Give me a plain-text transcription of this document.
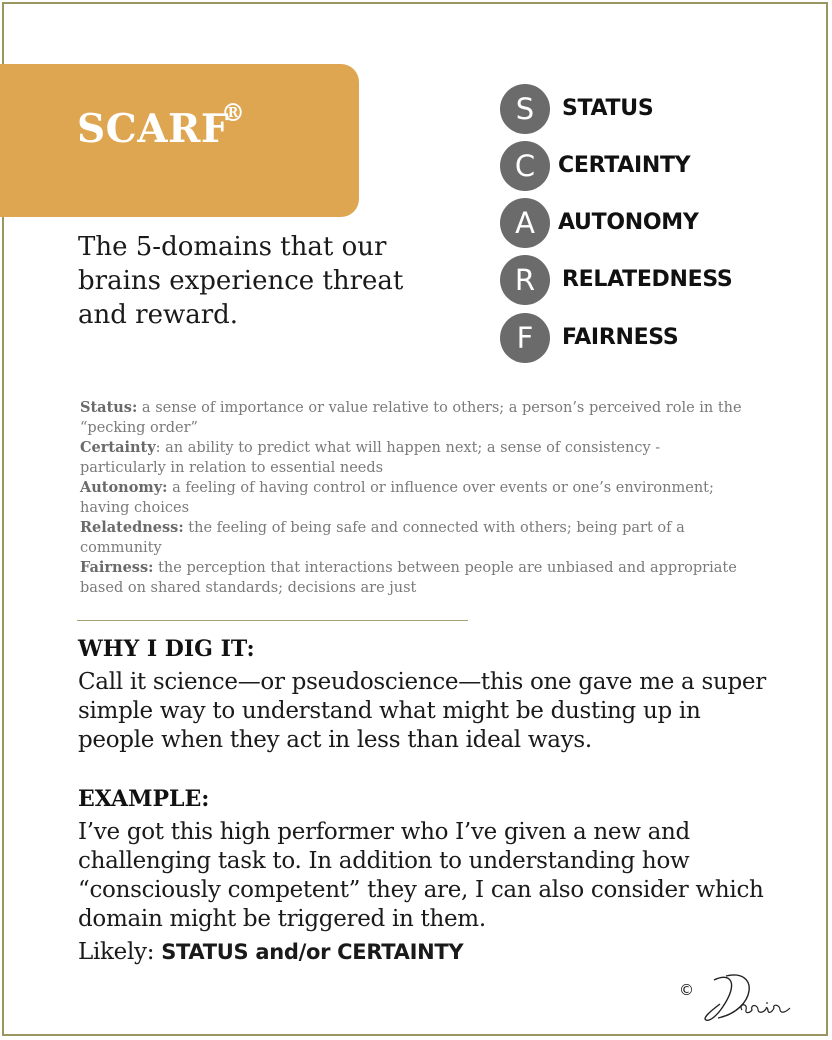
SCARF
®

The 5-domains that our brains experience threat and reward.

S	STATUS
C	CERTAINTY
A	AUTONOMY
R	RELATEDNESS
F	FAIRNESS

Status: a sense of importance or value relative to others; a person’s perceived role in the “pecking order”

Certainty: an ability to predict what will happen next; a sense of consistency - particularly in relation to essential needs

Autonomy: a feeling of having control or influence over events or one’s environment; having choices

Relatedness: the feeling of being safe and connected with others; being part of a community

Fairness: the perception that interactions between people are unbiased and appropriate based on shared standards; decisions are just

WHY I DIG IT:

Call it science—or pseudoscience—this one gave me a super simple way to understand what might be dusting up in people when they act in less than ideal ways.

EXAMPLE:

I’ve got this high performer who I’ve given a new and challenging task to. In addition to understanding how “consciously competent” they are, I can also consider which domain might be triggered in them.

Likely: STATUS and/or CERTAINTY

©
